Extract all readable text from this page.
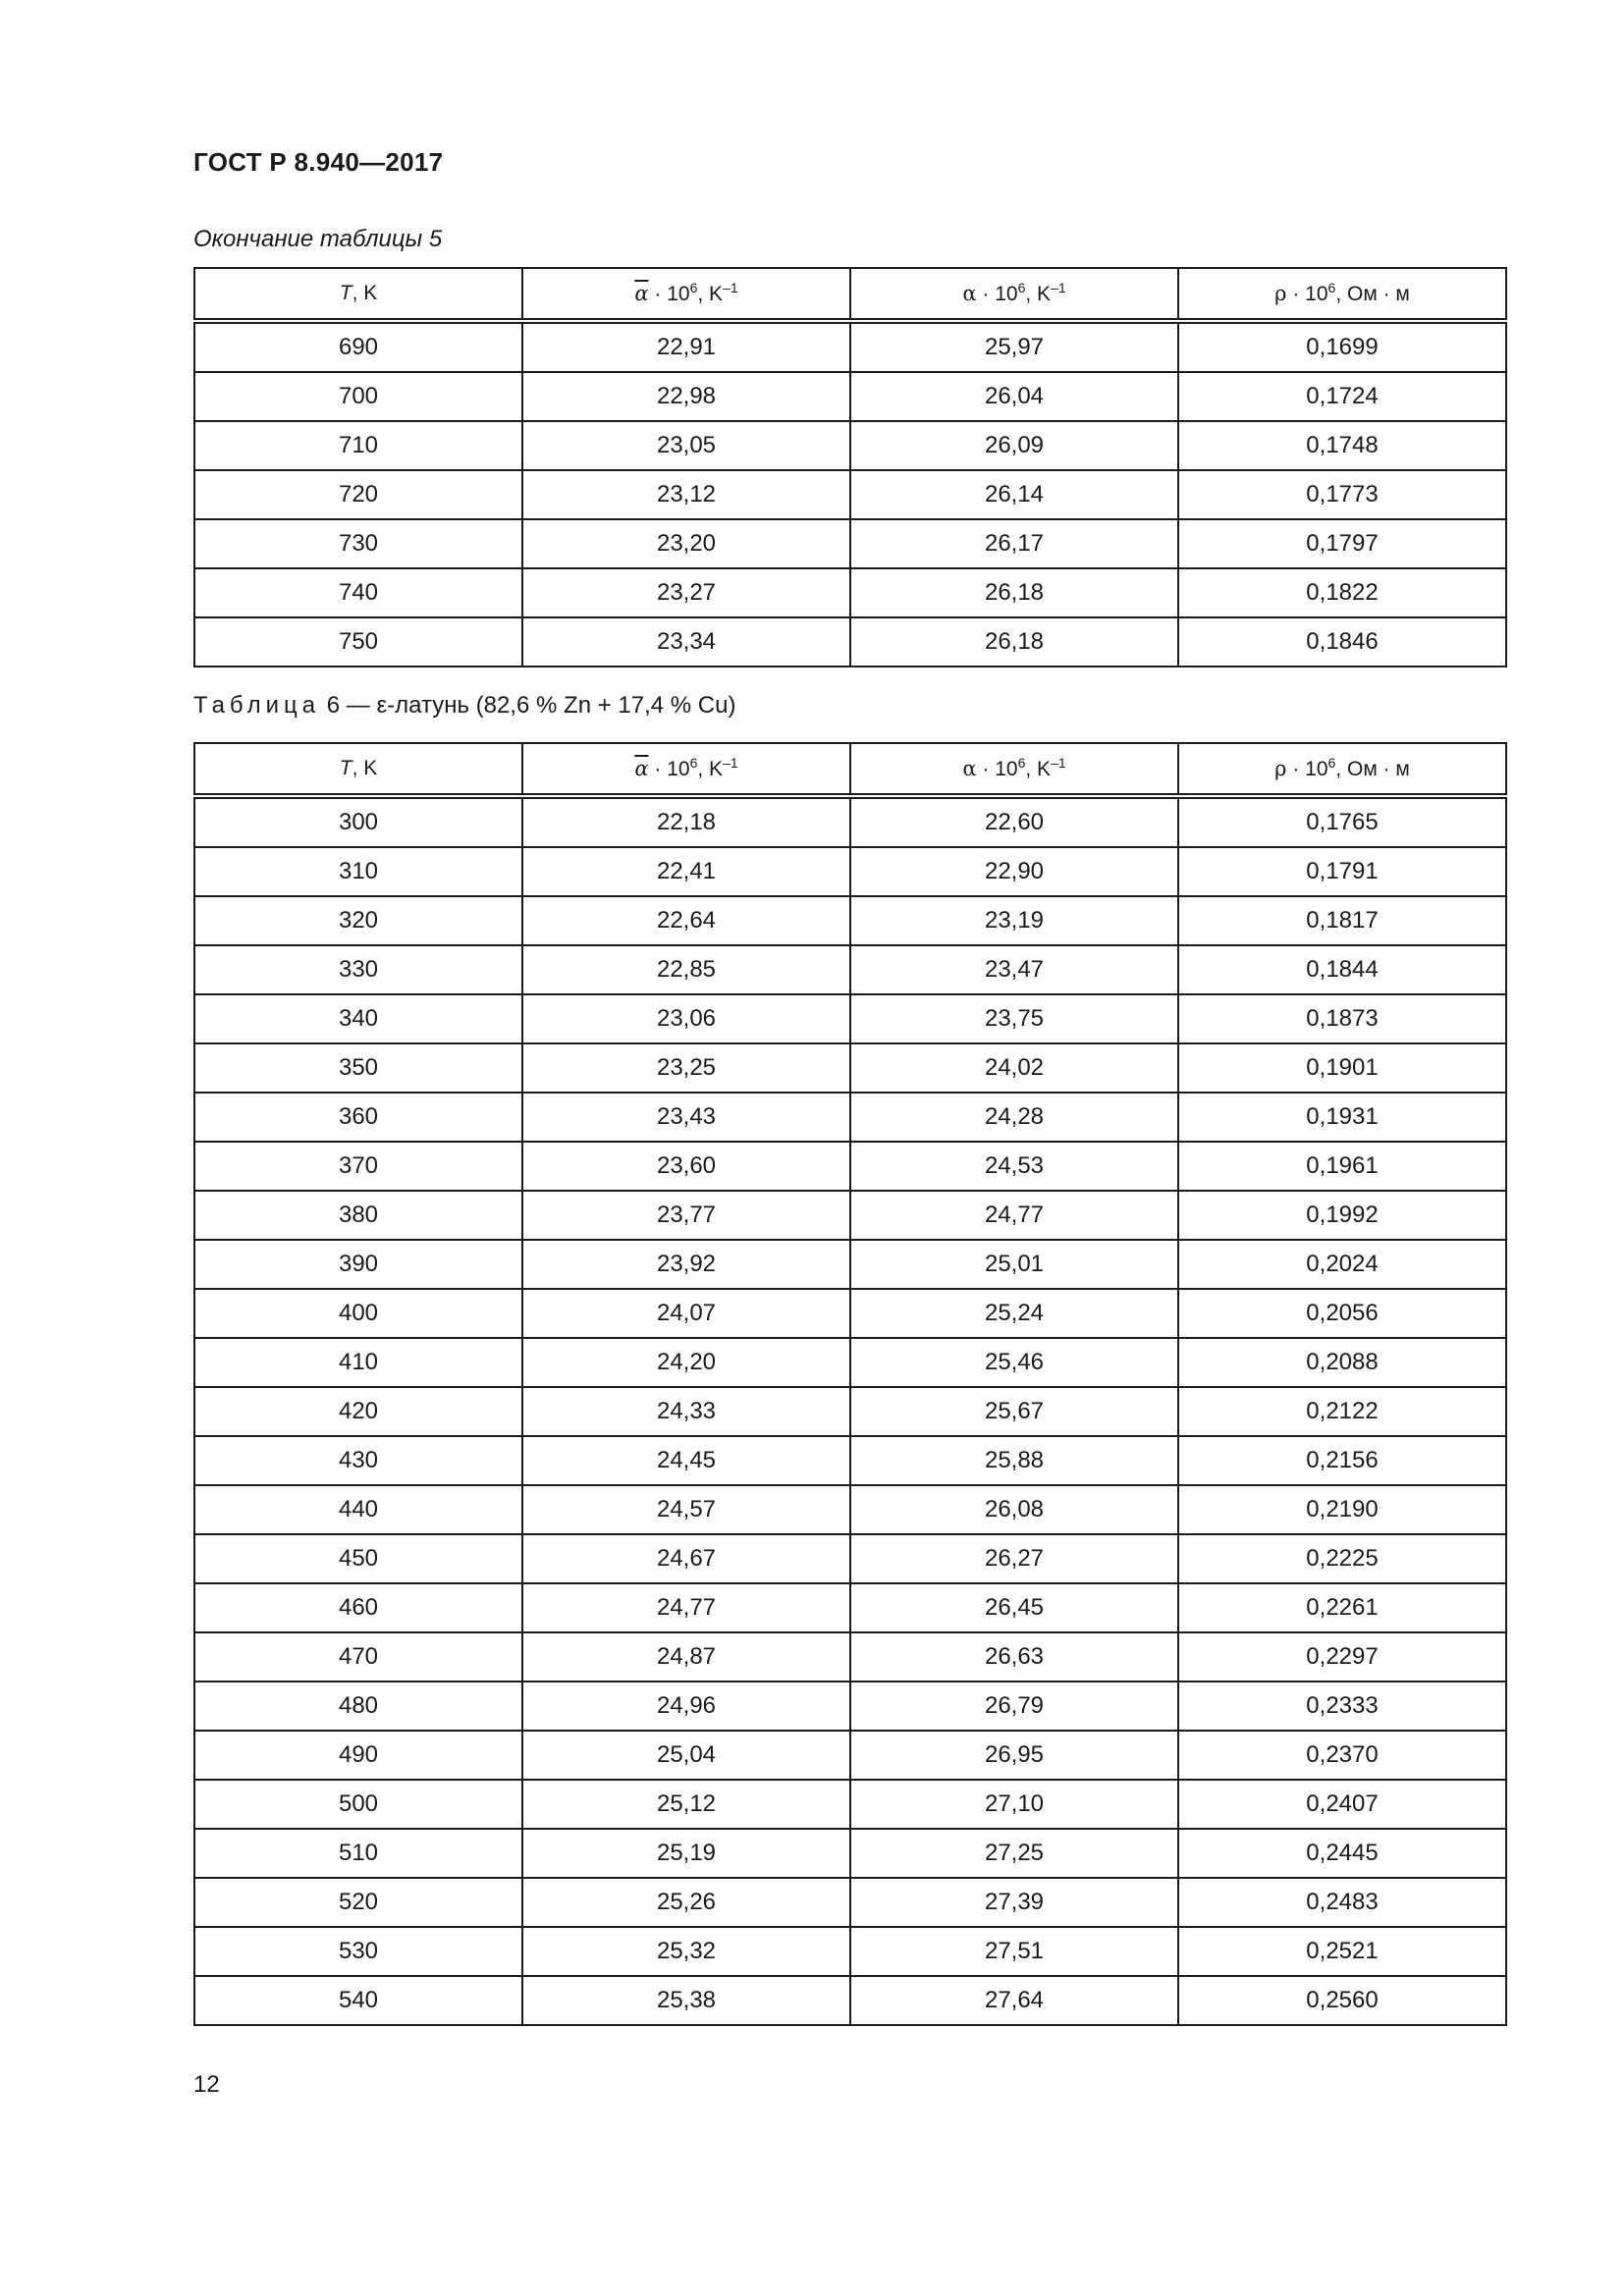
ГОСТ Р 8.940—2017
Окончание таблицы 5
T, K	$\overline{\alpha} \cdot 10^6$, $K^{-1}$	$\alpha \cdot 10^6$, $K^{-1}$	$\rho \cdot 10^6$, Ом · м
690	22,91	25,97	0,1699
700	22,98	26,04	0,1724
710	23,05	26,09	0,1748
720	23,12	26,14	0,1773
730	23,20	26,17	0,1797
740	23,27	26,18	0,1822
750	23,34	26,18	0,1846
Таблица 6 — ε-латунь (82,6 % Zn + 17,4 % Cu)
T, K	$\overline{\alpha} \cdot 10^6$, $K^{-1}$	$\alpha \cdot 10^6$, $K^{-1}$	$\rho \cdot 10^6$, Ом · м
300	22,18	22,60	0,1765
310	22,41	22,90	0,1791
320	22,64	23,19	0,1817
330	22,85	23,47	0,1844
340	23,06	23,75	0,1873
350	23,25	24,02	0,1901
360	23,43	24,28	0,1931
370	23,60	24,53	0,1961
380	23,77	24,77	0,1992
390	23,92	25,01	0,2024
400	24,07	25,24	0,2056
410	24,20	25,46	0,2088
420	24,33	25,67	0,2122
430	24,45	25,88	0,2156
440	24,57	26,08	0,2190
450	24,67	26,27	0,2225
460	24,77	26,45	0,2261
470	24,87	26,63	0,2297
480	24,96	26,79	0,2333
490	25,04	26,95	0,2370
500	25,12	27,10	0,2407
510	25,19	27,25	0,2445
520	25,26	27,39	0,2483
530	25,32	27,51	0,2521
540	25,38	27,64	0,2560
12
